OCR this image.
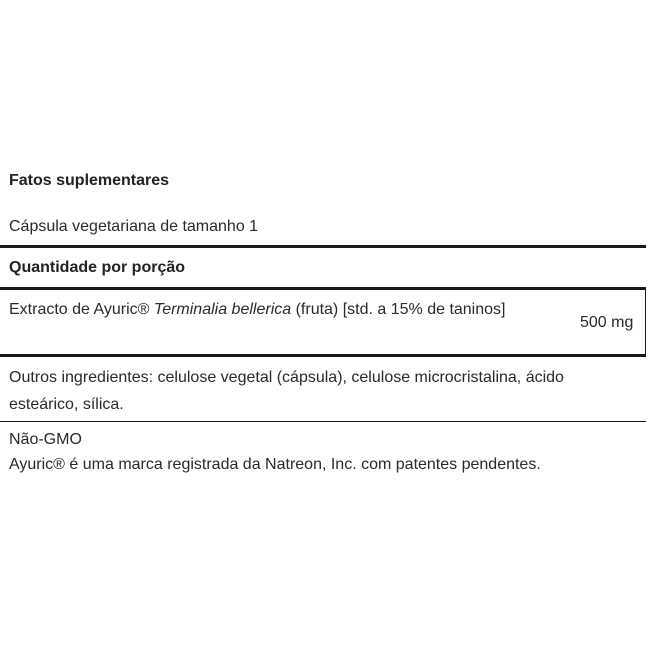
Fatos suplementares
Cápsula vegetariana de tamanho 1
Quantidade por porção
Extracto de Ayuric® Terminalia bellerica (fruta) [std. a 15% de taninos]
500 mg
Outros ingredientes: celulose vegetal (cápsula), celulose microcristalina, ácido esteárico, sílica.
Não-GMO
Ayuric® é uma marca registrada da Natreon, Inc. com patentes pendentes.
